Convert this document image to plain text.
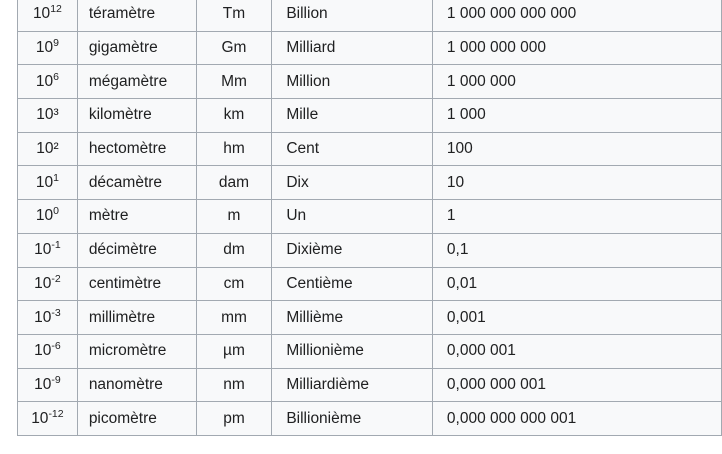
$10^{12}$	téramètre	Tm	Billion	1 000 000 000 000
$10^9$	gigamètre	Gm	Milliard	1 000 000 000
$10^6$	mégamètre	Mm	Million	1 000 000
10³	kilomètre	km	Mille	1 000
10²	hectomètre	hm	Cent	100
$10^1$	décamètre	dam	Dix	10
$10^0$	mètre	m	Un	1
$10^{-1}$	décimètre	dm	Dixième	0,1
$10^{-2}$	centimètre	cm	Centième	0,01
$10^{-3}$	millimètre	mm	Millième	0,001
$10^{-6}$	micromètre	µm	Millionième	0,000 001
$10^{-9}$	nanomètre	nm	Milliardième	0,000 000 001
$10^{-12}$	picomètre	pm	Billionième	0,000 000 000 001
